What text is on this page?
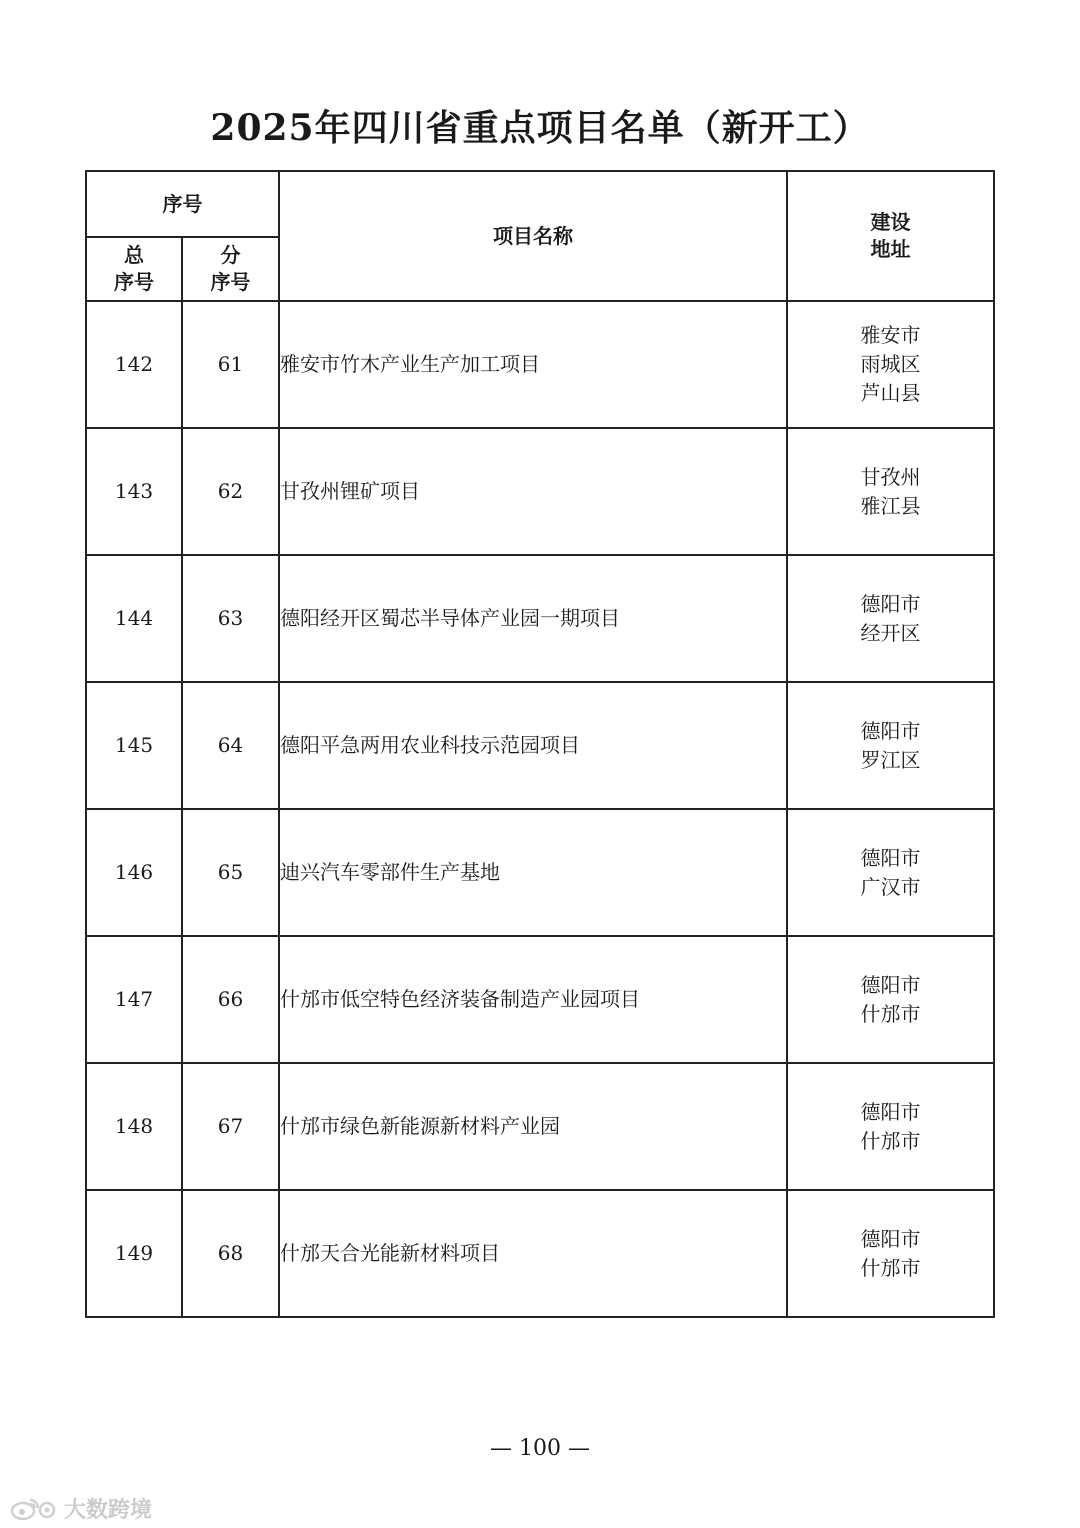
2025年四川省重点项目名单（新开工）
序号		项目名称	建设
地址

总
序号	分
序号		

142	61	雅安市竹木产业生产加工项目	雅安市
雨城区
芦山县

143	62	甘孜州锂矿项目	甘孜州
雅江县

144	63	德阳经开区蜀芯半导体产业园一期项目	德阳市
经开区

145	64	德阳平急两用农业科技示范园项目	德阳市
罗江区

146	65	迪兴汽车零部件生产基地	德阳市
广汉市

147	66	什邡市低空特色经济装备制造产业园项目	德阳市
什邡市

148	67	什邡市绿色新能源新材料产业园	德阳市
什邡市

149	68	什邡天合光能新材料项目	德阳市
什邡市
— 100 —
大数跨境
